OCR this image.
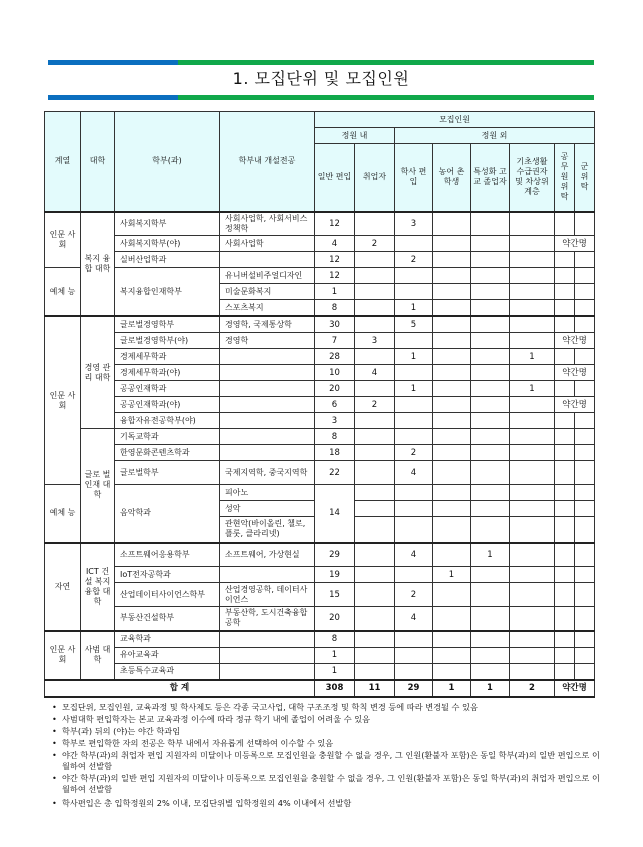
1. 모집단위 및 모집인원
계열	대학	학부(과)	학부내 개설전공	모집인원							
				정원 내		정원 외					
				일반 편입	취업자	학사 편입	농어 촌 학생	특성화 고교 졸업자	기초생활 수급권자 및 차상위 계층	공 무 원 위 탁	군 위 탁
인문 사회	복지 융합 대학	사회복지학부	사회사업학, 사회서비스정책학	12		3					
		사회복지학부(야)	사회사업학	4	2					약간명	
		실버산업학과		12		2					
예체 능		복지융합인재학부	유니버설비주얼디자인	12							
			미술문화복지	1							
			스포츠복지	8		1					
인문 사회	경영 관리 대학	글로벌경영학부	경영학, 국제통상학	30		5					
		글로벌경영학부(야)	경영학	7	3					약간명	
		경제세무학과		28		1			1		
		경제세무학과(야)		10	4					약간명	
		공공인재학과		20		1			1		
		공공인재학과(야)		6	2					약간명	
		융합자유전공학부(야)		3							
	글로 벌 인재 대학	기독교학과		8							
		한영문화콘텐츠학과		18		2					
		글로벌학부	국제지역학, 중국지역학	22		4					
예체 능		음악학과	피아노	14							
			성악								
			관현악(바이올린, 첼로, 플룻, 클라리넷)								
자연	ICT 건설 복지 융합 대학	소프트웨어응용학부	소프트웨어, 가상현실	29		4		1			
		IoT전자공학과		19			1				
		산업데이터사이언스학부	산업경영공학, 데이터사이언스	15		2					
		부동산건설학부	부동산학, 도시건축융합공학	20		4					
인문 사회	사범 대학	교육학과		8							
		유아교육과		1							
		초등특수교육과		1							
합 계				308	11	29	1	1	2	약간명	
• 모집단위, 모집인원, 교육과정 및 학사제도 등은 각종 국고사업, 대학 구조조정 및 학칙 변경 등에 따라 변경될 수 있음
• 사범대학 편입학자는 본교 교육과정 이수에 따라 정규 학기 내에 졸업이 어려울 수 있음
• 학부(과) 뒤의 (야)는 야간 학과임
• 학부로 편입학한 자의 전공은 학부 내에서 자유롭게 선택하여 이수할 수 있음
• 야간 학부(과)의 취업자 편입 지원자의 미달이나 미등록으로 모집인원을 충원할 수 없을 경우, 그 인원(환불자 포함)은 동일 학부(과)의 일반 편입으로 이월하여 선발함
• 야간 학부(과)의 일반 편입 지원자의 미달이나 미등록으로 모집인원을 충원할 수 없을 경우, 그 인원(환불자 포함)은 동일 학부(과)의 취업자 편입으로 이월하여 선발함
• 학사편입은 총 입학정원의 2% 이내, 모집단위별 입학정원의 4% 이내에서 선발함
